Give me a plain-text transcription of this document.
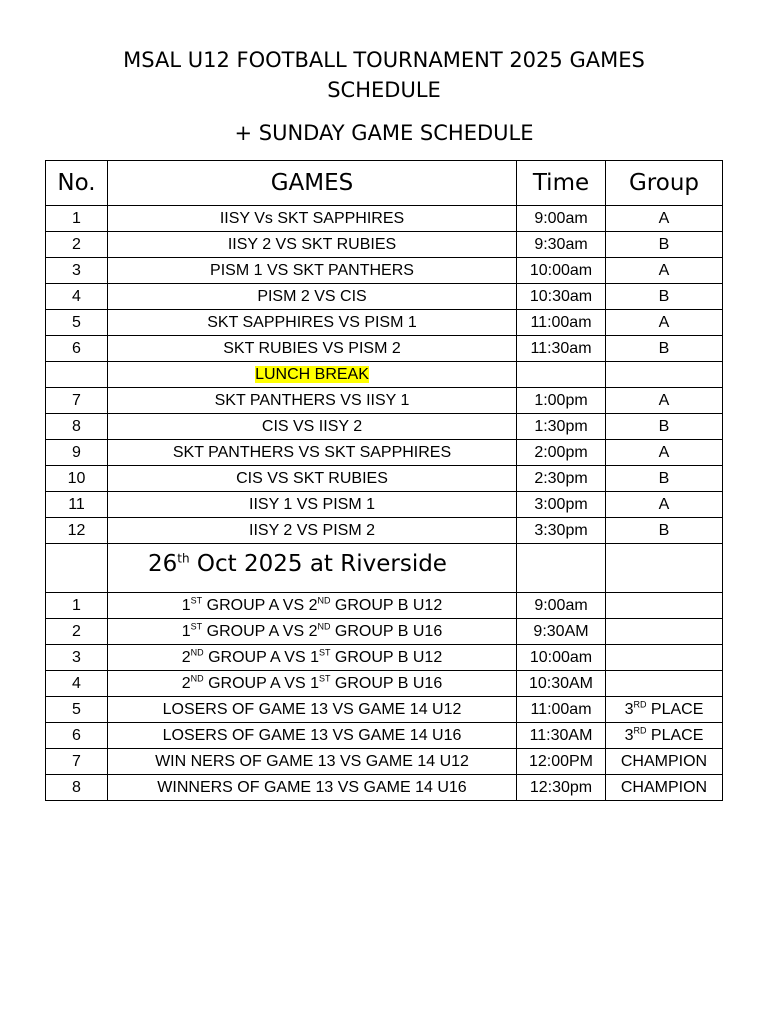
MSAL U12 FOOTBALL TOURNAMENT 2025 GAMES
SCHEDULE
+ SUNDAY GAME SCHEDULE
No.	GAMES	Time	Group
1	IISY Vs SKT SAPPHIRES	9:00am	A
2	IISY 2 VS SKT RUBIES	9:30am	B
3	PISM 1 VS SKT PANTHERS	10:00am	A
4	PISM 2 VS CIS	10:30am	B
5	SKT SAPPHIRES VS PISM 1	11:00am	A
6	SKT RUBIES VS PISM 2	11:30am	B
	LUNCH BREAK		
7	SKT PANTHERS VS IISY 1	1:00pm	A
8	CIS VS IISY 2	1:30pm	B
9	SKT PANTHERS VS SKT SAPPHIRES	2:00pm	A
10	CIS VS SKT RUBIES	2:30pm	B
11	IISY 1 VS PISM 1	3:00pm	A
12	IISY 2 VS PISM 2	3:30pm	B

	26th Oct 2025 at Riverside		

1	1ST GROUP A VS 2ND GROUP B U12	9:00am	
2	1ST GROUP A VS 2ND GROUP B U16	9:30AM	
3	2ND GROUP A VS 1ST GROUP B U12	10:00am	
4	2ND GROUP A VS 1ST GROUP B U16	10:30AM	
5	LOSERS OF GAME 13 VS GAME 14 U12	11:00am	3RD PLACE
6	LOSERS OF GAME 13 VS GAME 14 U16	11:30AM	3RD PLACE
7	WIN NERS OF GAME 13 VS GAME 14 U12	12:00PM	CHAMPION
8	WINNERS OF GAME 13 VS GAME 14 U16	12:30pm	CHAMPION
